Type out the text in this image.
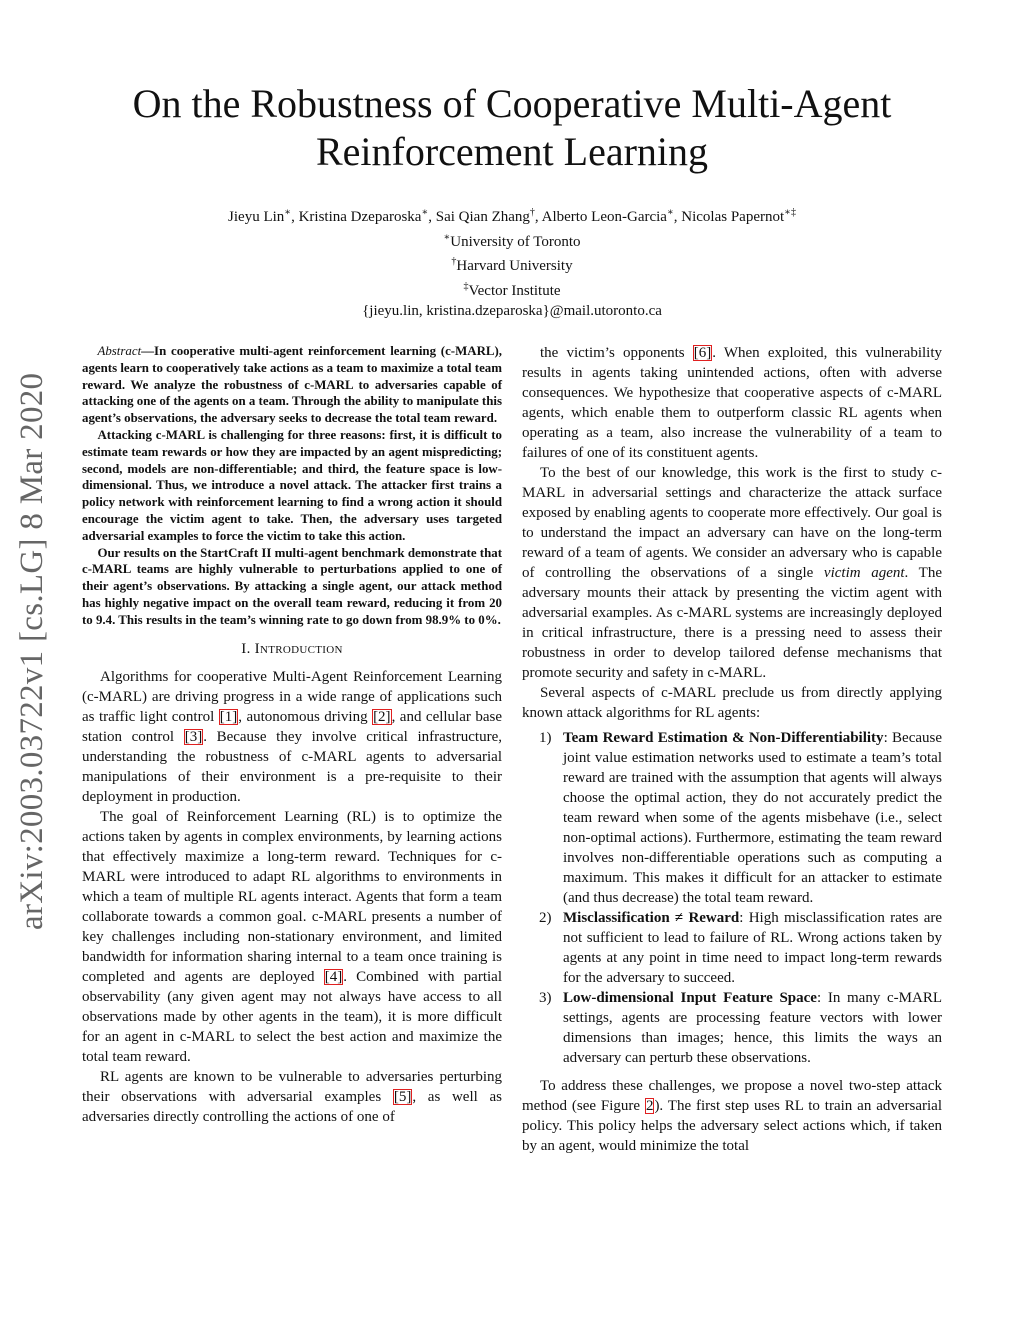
On the Robustness of Cooperative Multi-Agent
Reinforcement Learning
Jieyu Lin∗, Kristina Dzeparoska∗, Sai Qian Zhang†, Alberto Leon-Garcia∗, Nicolas Papernot∗‡
∗University of Toronto
†Harvard University
‡Vector Institute
{jieyu.lin, kristina.dzeparoska}@mail.utoronto.ca
arXiv:2003.03722v1 [cs.LG] 8 Mar 2020

Abstract—In cooperative multi-agent reinforcement learning (c-MARL), agents learn to cooperatively take actions as a team to maximize a total team reward. We analyze the robustness of c-MARL to adversaries capable of attacking one of the agents on a team. Through the ability to manipulate this agent’s observations, the adversary seeks to decrease the total team reward.

Attacking c-MARL is challenging for three reasons: first, it is difficult to estimate team rewards or how they are impacted by an agent mispredicting; second, models are non-differentiable; and third, the feature space is low-dimensional. Thus, we introduce a novel attack. The attacker first trains a policy network with reinforcement learning to find a wrong action it should encourage the victim agent to take. Then, the adversary uses targeted adversarial examples to force the victim to take this action.

Our results on the StartCraft II multi-agent benchmark demonstrate that c-MARL teams are highly vulnerable to perturbations applied to one of their agent’s observations. By attacking a single agent, our attack method has highly negative impact on the overall team reward, reducing it from 20 to 9.4. This results in the team’s winning rate to go down from 98.9% to 0%.

I. Introduction

Algorithms for cooperative Multi-Agent Reinforcement Learning (c-MARL) are driving progress in a wide range of applications such as traffic light control [1], autonomous driving [2], and cellular base station control [3]. Because they involve critical infrastructure, understanding the robustness of c-MARL agents to adversarial manipulations of their environment is a pre-requisite to their deployment in production.

The goal of Reinforcement Learning (RL) is to optimize the actions taken by agents in complex environments, by learning actions that effectively maximize a long-term reward. Techniques for c-MARL were introduced to adapt RL algorithms to environments in which a team of multiple RL agents interact. Agents that form a team collaborate towards a common goal. c-MARL presents a number of key challenges including non-stationary environment, and limited bandwidth for information sharing internal to a team once training is completed and agents are deployed [4]. Combined with partial observability (any given agent may not always have access to all observations made by other agents in the team), it is more difficult for an agent in c-MARL to select the best action and maximize the total team reward.

RL agents are known to be vulnerable to adversaries perturbing their observations with adversarial examples [5], as well as adversaries directly controlling the actions of one of

the victim’s opponents [6]. When exploited, this vulnerability results in agents taking unintended actions, often with adverse consequences. We hypothesize that cooperative aspects of c-MARL agents, which enable them to outperform classic RL agents when operating as a team, also increase the vulnerability of a team to failures of one of its constituent agents.

To the best of our knowledge, this work is the first to study c-MARL in adversarial settings and characterize the attack surface exposed by enabling agents to cooperate more effectively. Our goal is to understand the impact an adversary can have on the long-term reward of a team of agents. We consider an adversary who is capable of controlling the observations of a single victim agent. The adversary mounts their attack by presenting the victim agent with adversarial examples. As c-MARL systems are increasingly deployed in critical infrastructure, there is a pressing need to assess their robustness in order to develop tailored defense mechanisms that promote security and safety in c-MARL.

Several aspects of c-MARL preclude us from directly applying known attack algorithms for RL agents:

1) Team Reward Estimation & Non-Differentiability: Because joint value estimation networks used to estimate a team’s total reward are trained with the assumption that agents will always choose the optimal action, they do not accurately predict the team reward when some of the agents misbehave (i.e., select non-optimal actions). Furthermore, estimating the team reward involves non-differentiable operations such as computing a maximum. This makes it difficult for an attacker to estimate (and thus decrease) the total team reward.
2) Misclassification ≠ Reward: High misclassification rates are not sufficient to lead to failure of RL. Wrong actions taken by agents at any point in time need to impact long-term rewards for the adversary to succeed.
3) Low-dimensional Input Feature Space: In many c-MARL settings, agents are processing feature vectors with lower dimensions than images; hence, this limits the ways an adversary can perturb these observations.

To address these challenges, we propose a novel two-step attack method (see Figure 2). The first step uses RL to train an adversarial policy. This policy helps the adversary select actions which, if taken by an agent, would minimize the total
